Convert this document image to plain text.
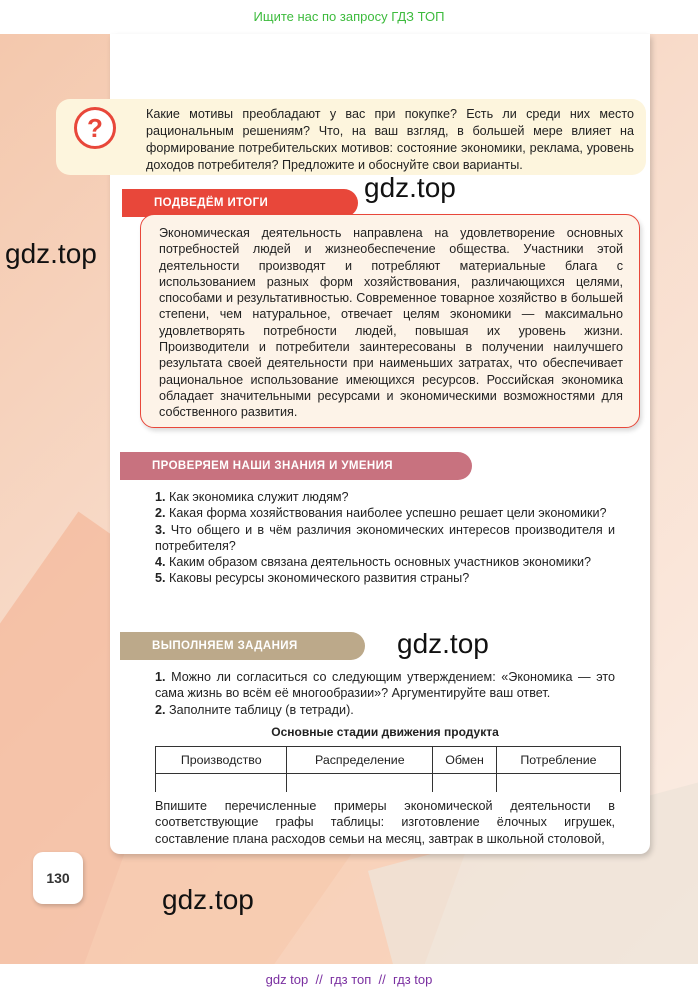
Ищите нас по запросу ГДЗ ТОП
?	Какие мотивы преобладают у вас при покупке? Есть ли среди них место рациональным решениям? Что, на ваш взгляд, в большей мере влияет на формирование потребительских мотивов: состояние экономики, реклама, уровень доходов потребителя? Предложите и обоснуйте свои варианты.
ПОДВЕДЁМ ИТОГИ
Экономическая деятельность направлена на удовлетворение основных потребностей людей и жизнеобеспечение общества. Участники этой деятельности производят и потребляют материальные блага с использованием разных форм хозяйствования, различающихся целями, способами и результативностью. Современное товарное хозяйство в большей степени, чем натуральное, отвечает целям экономики — максимально удовлетворять потребности людей, повышая их уровень жизни. Производители и потребители заинтересованы в получении наилучшего результата своей деятельности при наименьших затратах, что обеспечивает рациональное использование имеющихся ресурсов. Российская экономика обладает значительными ресурсами и экономическими возможностями для собственного развития.
ПРОВЕРЯЕМ НАШИ ЗНАНИЯ И УМЕНИЯ
1. Как экономика служит людям?
2. Какая форма хозяйствования наиболее успешно решает цели экономики?
3. Что общего и в чём различия экономических интересов производителя и потребителя?
4. Каким образом связана деятельность основных участников экономики?
5. Каковы ресурсы экономического развития страны?
ВЫПОЛНЯЕМ ЗАДАНИЯ
1. Можно ли согласиться со следующим утверждением: «Экономика — это сама жизнь во всём её многообразии»? Аргументируйте ваш ответ.
2. Заполните таблицу (в тетради).
Основные стадии движения продукта
Производство	Распределение	Обмен	Потребление

Впишите перечисленные примеры экономической деятельности в соответствующие графы таблицы: изготовление ёлочных игрушек, составление плана расходов семьи на месяц, завтрак в школьной столовой,
130
gdz.top
gdz.top
gdz.top
gdz.top
gdz top  //  гдз топ  //  гдз top
